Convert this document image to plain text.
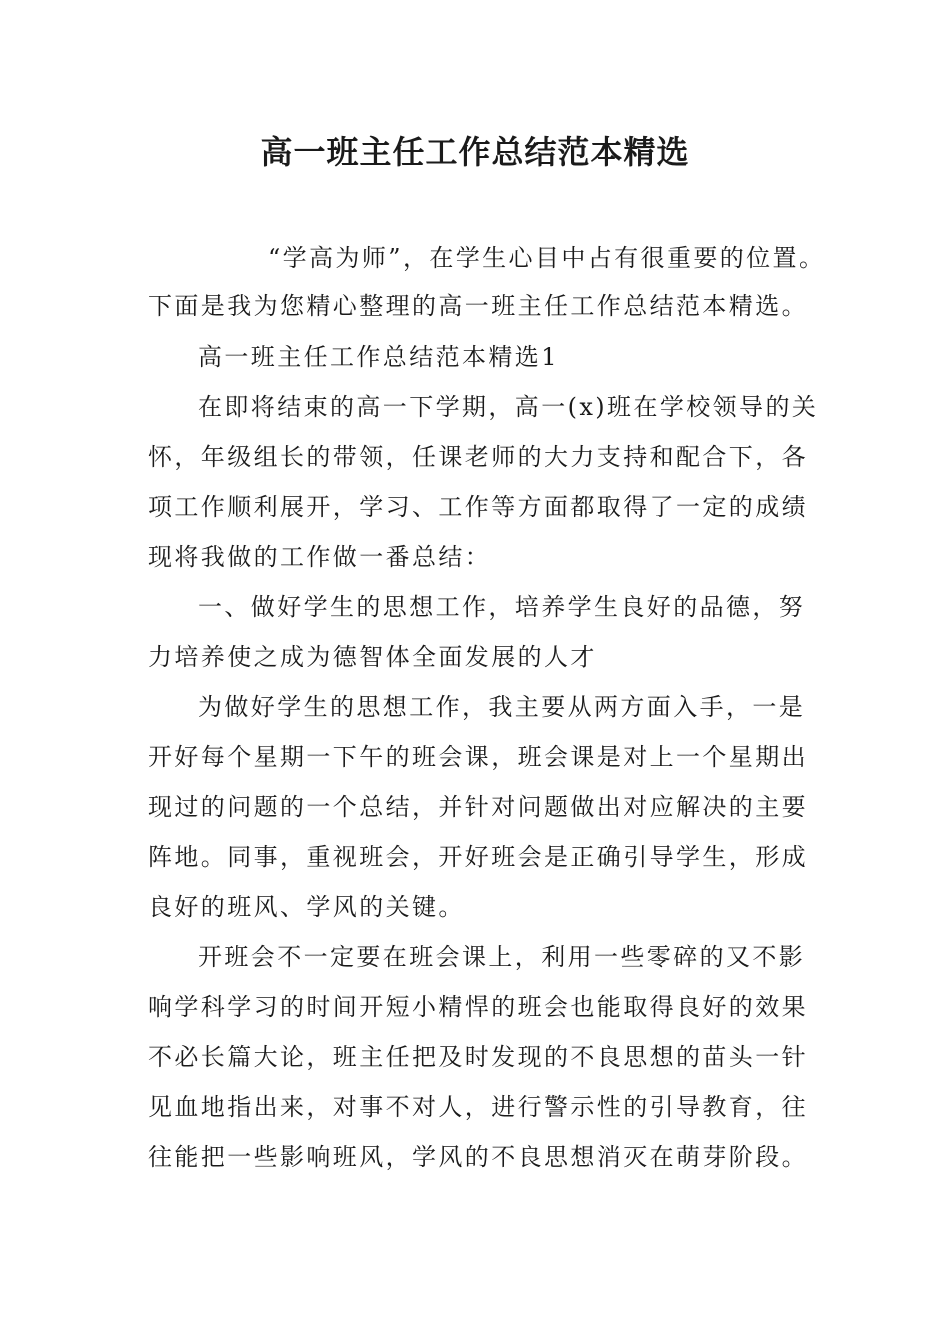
高一班主任工作总结范本精选
“学高为师”，在学生心目中占有很重要的位置。
下面是我为您精心整理的高一班主任工作总结范本精选。
高一班主任工作总结范本精选1
在即将结束的高一下学期，高一(x)班在学校领导的关
怀，年级组长的带领，任课老师的大力支持和配合下，各
项工作顺利展开，学习、工作等方面都取得了一定的成绩
现将我做的工作做一番总结：
一、做好学生的思想工作，培养学生良好的品德，努
力培养使之成为德智体全面发展的人才
为做好学生的思想工作，我主要从两方面入手，一是
开好每个星期一下午的班会课，班会课是对上一个星期出
现过的问题的一个总结，并针对问题做出对应解决的主要
阵地。同事，重视班会，开好班会是正确引导学生，形成
良好的班风、学风的关键。
开班会不一定要在班会课上，利用一些零碎的又不影
响学科学习的时间开短小精悍的班会也能取得良好的效果
不必长篇大论，班主任把及时发现的不良思想的苗头一针
见血地指出来，对事不对人，进行警示性的引导教育，往
往能把一些影响班风，学风的不良思想消灭在萌芽阶段。
